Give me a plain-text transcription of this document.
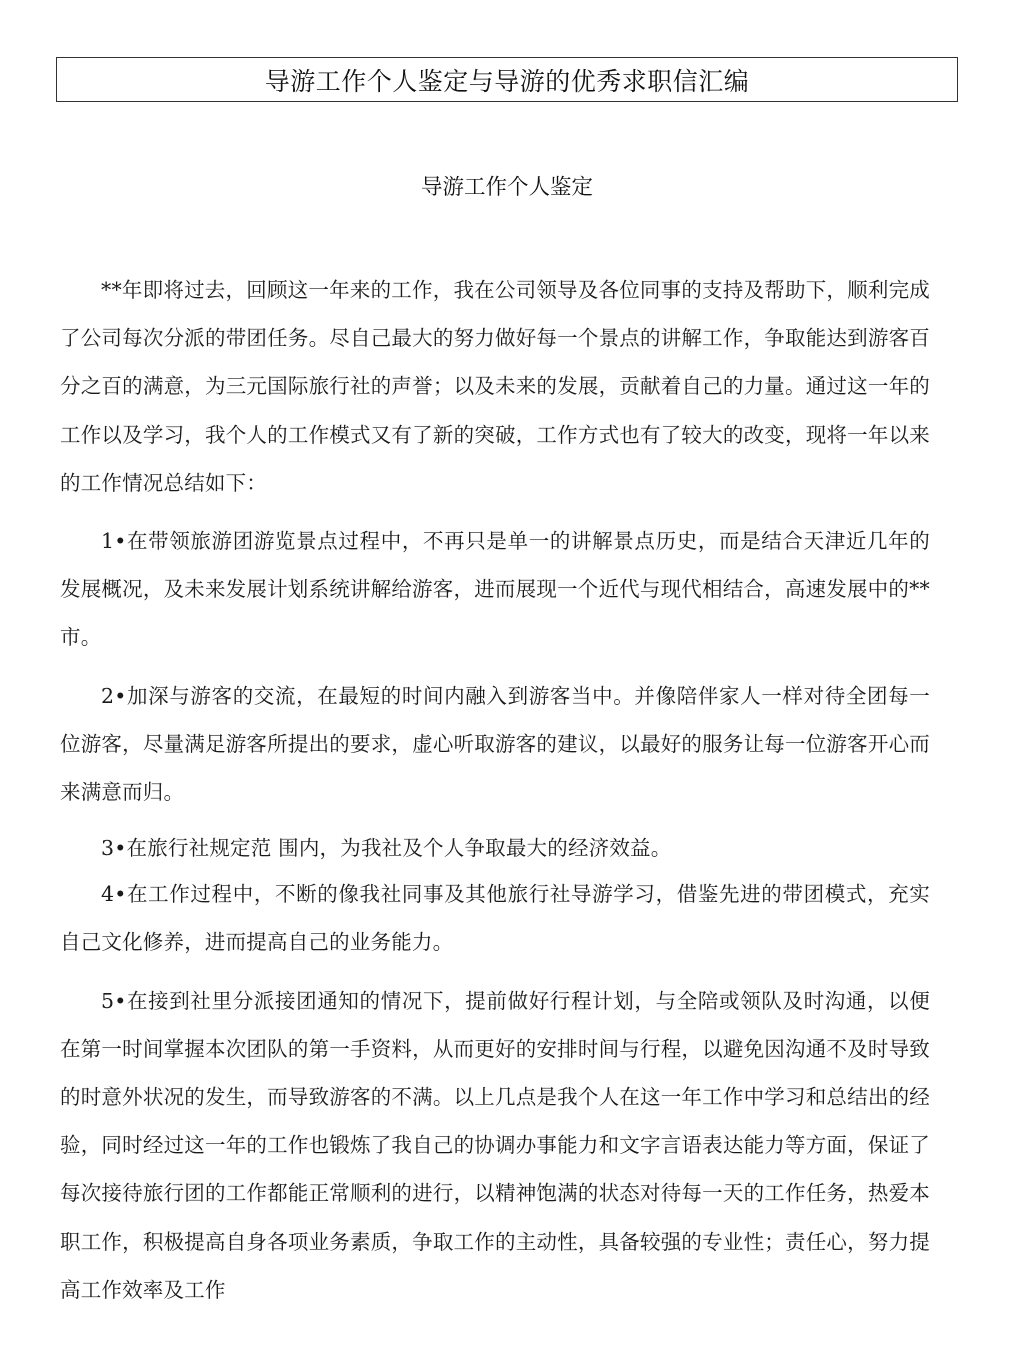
导游工作个人鉴定与导游的优秀求职信汇编
导游工作个人鉴定

**年即将过去，回顾这一年来的工作，我在公司领导及各位同事的支持及帮助下，顺利完成了公司每次分派的带团任务。尽自己最大的努力做好每一个景点的讲解工作，争取能达到游客百分之百的满意，为三元国际旅行社的声誉；以及未来的发展，贡献着自己的力量。通过这一年的工作以及学习，我个人的工作模式又有了新的突破，工作方式也有了较大的改变，现将一年以来的工作情况总结如下：

1•在带领旅游团游览景点过程中，不再只是单一的讲解景点历史，而是结合天津近几年的发展概况，及未来发展计划系统讲解给游客，进而展现一个近代与现代相结合，高速发展中的**市。

2•加深与游客的交流，在最短的时间内融入到游客当中。并像陪伴家人一样对待全团每一位游客，尽量满足游客所提出的要求，虚心听取游客的建议，以最好的服务让每一位游客开心而来满意而归。

3•在旅行社规定范 围内，为我社及个人争取最大的经济效益。

4•在工作过程中，不断的像我社同事及其他旅行社导游学习，借鉴先进的带团模式，充实自己文化修养，进而提高自己的业务能力。

5•在接到社里分派接团通知的情况下，提前做好行程计划，与全陪或领队及时沟通，以便在第一时间掌握本次团队的第一手资料，从而更好的安排时间与行程，以避免因沟通不及时导致的时意外状况的发生，而导致游客的不满。以上几点是我个人在这一年工作中学习和总结出的经验，同时经过这一年的工作也锻炼了我自己的协调办事能力和文字言语表达能力等方面，保证了每次接待旅行团的工作都能正常顺利的进行，以精神饱满的状态对待每一天的工作任务，热爱本职工作，积极提高自身各项业务素质，争取工作的主动性，具备较强的专业性；责任心，努力提高工作效率及工作
